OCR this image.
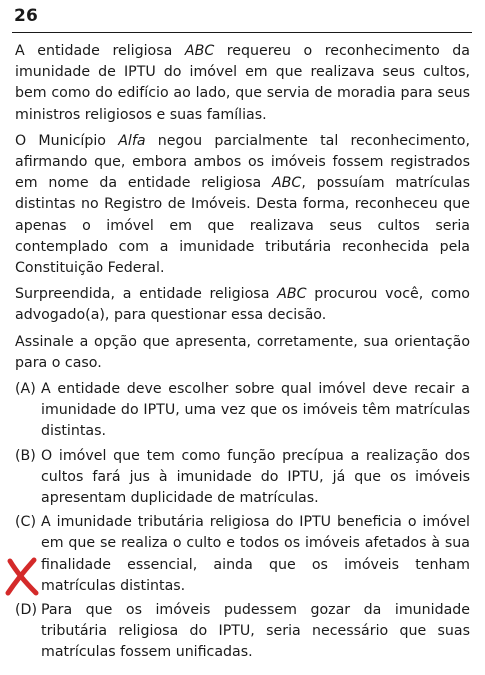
26

A entidade religiosa ABC requereu o reconhecimento da imunidade de IPTU do imóvel em que realizava seus cultos, bem como do edifício ao lado, que servia de moradia para seus ministros religiosos e suas famílias.

O Município Alfa negou parcialmente tal reconhecimento, afirmando que, embora ambos os imóveis fossem registrados em nome da entidade religiosa ABC, possuíam matrículas distintas no Registro de Imóveis. Desta forma, reconheceu que apenas o imóvel em que realizava seus cultos seria contemplado com a imunidade tributária reconhecida pela Constituição Federal.

Surpreendida, a entidade religiosa ABC procurou você, como advogado(a), para questionar essa decisão.

Assinale a opção que apresenta, corretamente, sua orientação para o caso.

(A) A entidade deve escolher sobre qual imóvel deve recair a imunidade do IPTU, uma vez que os imóveis têm matrículas distintas.
(B) O imóvel que tem como função precípua a realização dos cultos fará jus à imunidade do IPTU, já que os imóveis apresentam duplicidade de matrículas.
(C) A imunidade tributária religiosa do IPTU beneficia o imóvel em que se realiza o culto e todos os imóveis afetados à sua finalidade essencial, ainda que os imóveis tenham matrículas distintas.
(D) Para que os imóveis pudessem gozar da imunidade tributária religiosa do IPTU, seria necessário que suas matrículas fossem unificadas.
